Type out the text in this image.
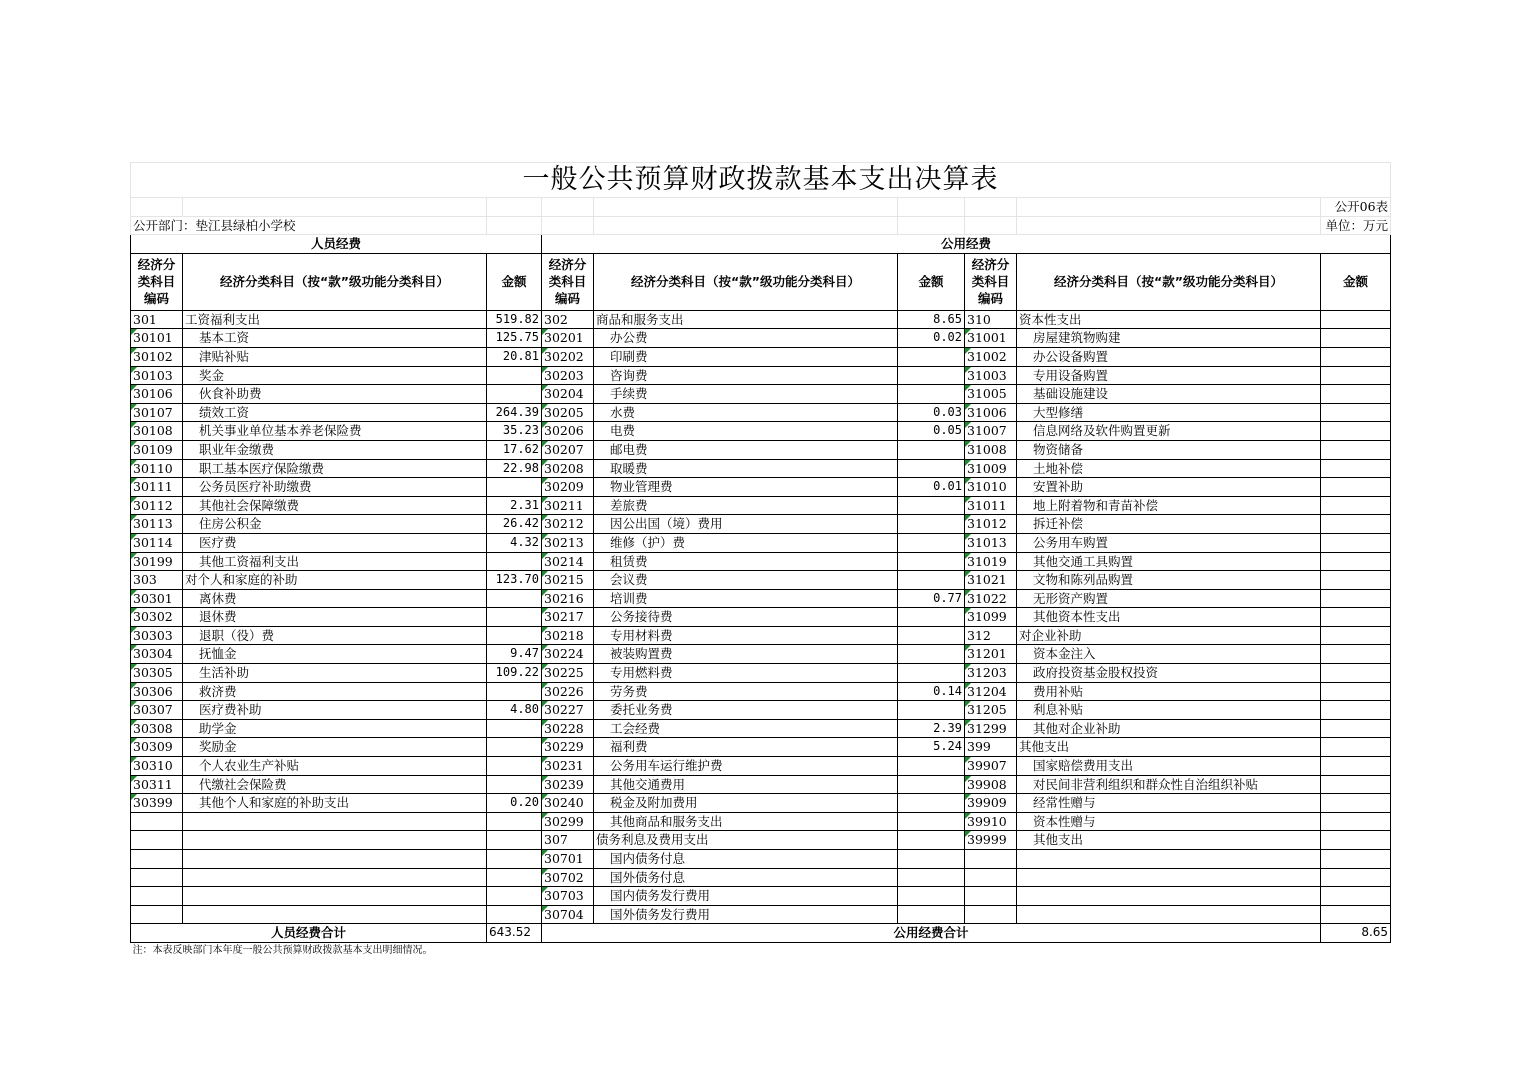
一般公共预算财政拨款基本支出决算表								
								公开06表
公开部门：垫江县绿柏小学校								单位：万元
人员经费			公用经费					
经济分类科目编码	经济分类科目（按“款”级功能分类科目）	金额	经济分类科目编码	经济分类科目（按“款”级功能分类科目）	金额	经济分类科目编码	经济分类科目（按“款”级功能分类科目）	金额
301	工资福利支出	519.82	302	商品和服务支出	8.65	310	资本性支出	
30101	基本工资	125.75	30201	办公费	0.02	31001	房屋建筑物购建	
30102	津贴补贴	20.81	30202	印刷费		31002	办公设备购置	
30103	奖金		30203	咨询费		31003	专用设备购置	
30106	伙食补助费		30204	手续费		31005	基础设施建设	
30107	绩效工资	264.39	30205	水费	0.03	31006	大型修缮	
30108	机关事业单位基本养老保险费	35.23	30206	电费	0.05	31007	信息网络及软件购置更新	
30109	职业年金缴费	17.62	30207	邮电费		31008	物资储备	
30110	职工基本医疗保险缴费	22.98	30208	取暖费		31009	土地补偿	
30111	公务员医疗补助缴费		30209	物业管理费	0.01	31010	安置补助	
30112	其他社会保障缴费	2.31	30211	差旅费		31011	地上附着物和青苗补偿	
30113	住房公积金	26.42	30212	因公出国（境）费用		31012	拆迁补偿	
30114	医疗费	4.32	30213	维修（护）费		31013	公务用车购置	
30199	其他工资福利支出		30214	租赁费		31019	其他交通工具购置	
303	对个人和家庭的补助	123.70	30215	会议费		31021	文物和陈列品购置	
30301	离休费		30216	培训费	0.77	31022	无形资产购置	
30302	退休费		30217	公务接待费		31099	其他资本性支出	
30303	退职（役）费		30218	专用材料费		312	对企业补助	
30304	抚恤金	9.47	30224	被装购置费		31201	资本金注入	
30305	生活补助	109.22	30225	专用燃料费		31203	政府投资基金股权投资	
30306	救济费		30226	劳务费	0.14	31204	费用补贴	
30307	医疗费补助	4.80	30227	委托业务费		31205	利息补贴	
30308	助学金		30228	工会经费	2.39	31299	其他对企业补助	
30309	奖励金		30229	福利费	5.24	399	其他支出	
30310	个人农业生产补贴		30231	公务用车运行维护费		39907	国家赔偿费用支出	
30311	代缴社会保险费		30239	其他交通费用		39908	对民间非营利组织和群众性自治组织补贴	
30399	其他个人和家庭的补助支出	0.20	30240	税金及附加费用		39909	经常性赠与	
			30299	其他商品和服务支出		39910	资本性赠与	
			307	债务利息及费用支出		39999	其他支出	
			30701	国内债务付息				
			30702	国外债务付息				
			30703	国内债务发行费用				
			30704	国外债务发行费用				
人员经费合计		643.52	公用经费合计					8.65
注：本表反映部门本年度一般公共预算财政拨款基本支出明细情况。								
